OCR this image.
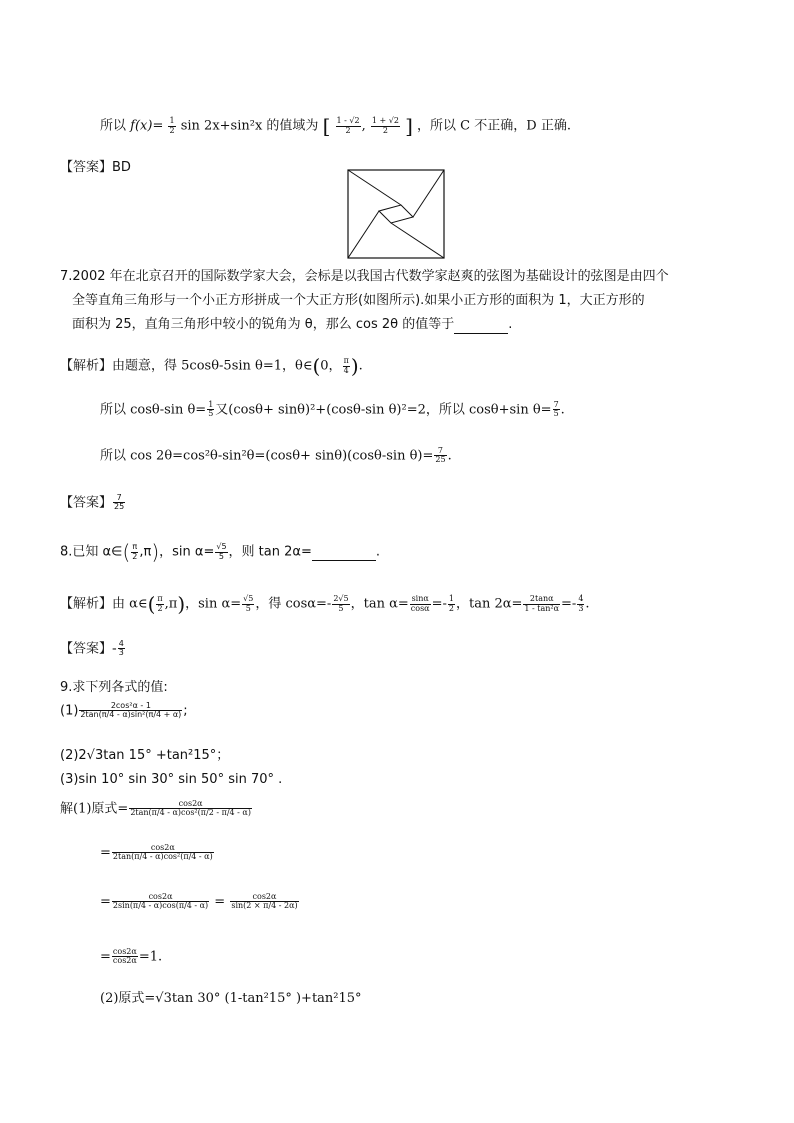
所以 $f(x)= \frac{1}{2}$ sin 2x+sin²x 的值域为 [ $\frac{1 - √2}{2}$ , $\frac{1 + √2}{2}$ ] ，所以 C 不正确，D 正确.
【答案】BD
7.2002 年在北京召开的国际数学家大会，会标是以我国古代数学家赵爽的弦图为基础设计的弦图是由四个
全等直角三角形与一个小正方形拼成一个大正方形(如图所示).如果小正方形的面积为 1，大正方形的
面积为 25，直角三角形中较小的锐角为 θ，那么 cos 2θ 的值等于	.
【解析】由题意，得 5cosθ-5sin θ=1，θ∈(0， $\frac{\pi}{4}$ ).
所以 cosθ-sin $\theta= \frac{1}{5}$ 又(cosθ+ sinθ)²+(cosθ-sin θ)²=2，所以 cosθ+sin $\theta= \frac{7}{5}$ .
所以 cos 2θ=cos²θ-sin²θ=(cosθ+ sinθ)(cosθ-sin $\theta)= \frac{7}{25}$ .
【答案】 $\frac{7}{25}$
8.已知 α∈( $\frac{\pi}{2} ,\pi$)，$\sin \alpha= \frac{√5}{5}$ ，则 tan 2α=	.
【解析】由 α∈( $\frac{\pi}{2} ,\pi$)，$\sin \alpha= \frac{√5}{5}$ ，得 $\cos\alpha=- \frac{2√5}{5}$ ，$\tan \alpha= \frac{\sin\alpha}{\cos\alpha} =- \frac{1}{2}$ ，$\tan 2\alpha= \frac{2\tan\alpha}{\text{1 - tan²α}} =- \frac{4}{3}$ .
【答案】- $\frac{4}{3}$
9.求下列各式的值:
$(1) \frac{\text{2cos²α - 1}}{\text{2tan(π/4 - α)sin²(π/4 + α)}}$ ;
(2)2√3tan 15° +tan²15°；
(3)sin 10° sin 30° sin 50° sin 70° .
解(1)原式= $\frac{\cos 2\alpha}{\text{2tan(π/4 - α)cos²(π/2 - π/4 - α)}}$
= $\frac{\cos 2\alpha}{\text{2tan(π/4 - α)cos²(π/4 - α)}}$
= $\frac{\cos 2\alpha}{2\sin(\pi/4 - \alpha)\cos(\pi/4 - \alpha)} = \frac{\cos 2\alpha}{\sin(2 \times \pi/4 - 2\alpha)}$
= $\frac{\cos 2\alpha}{\cos 2\alpha} =1$.
(2)原式=√3tan 30° (1-tan²15° )+tan²15°
